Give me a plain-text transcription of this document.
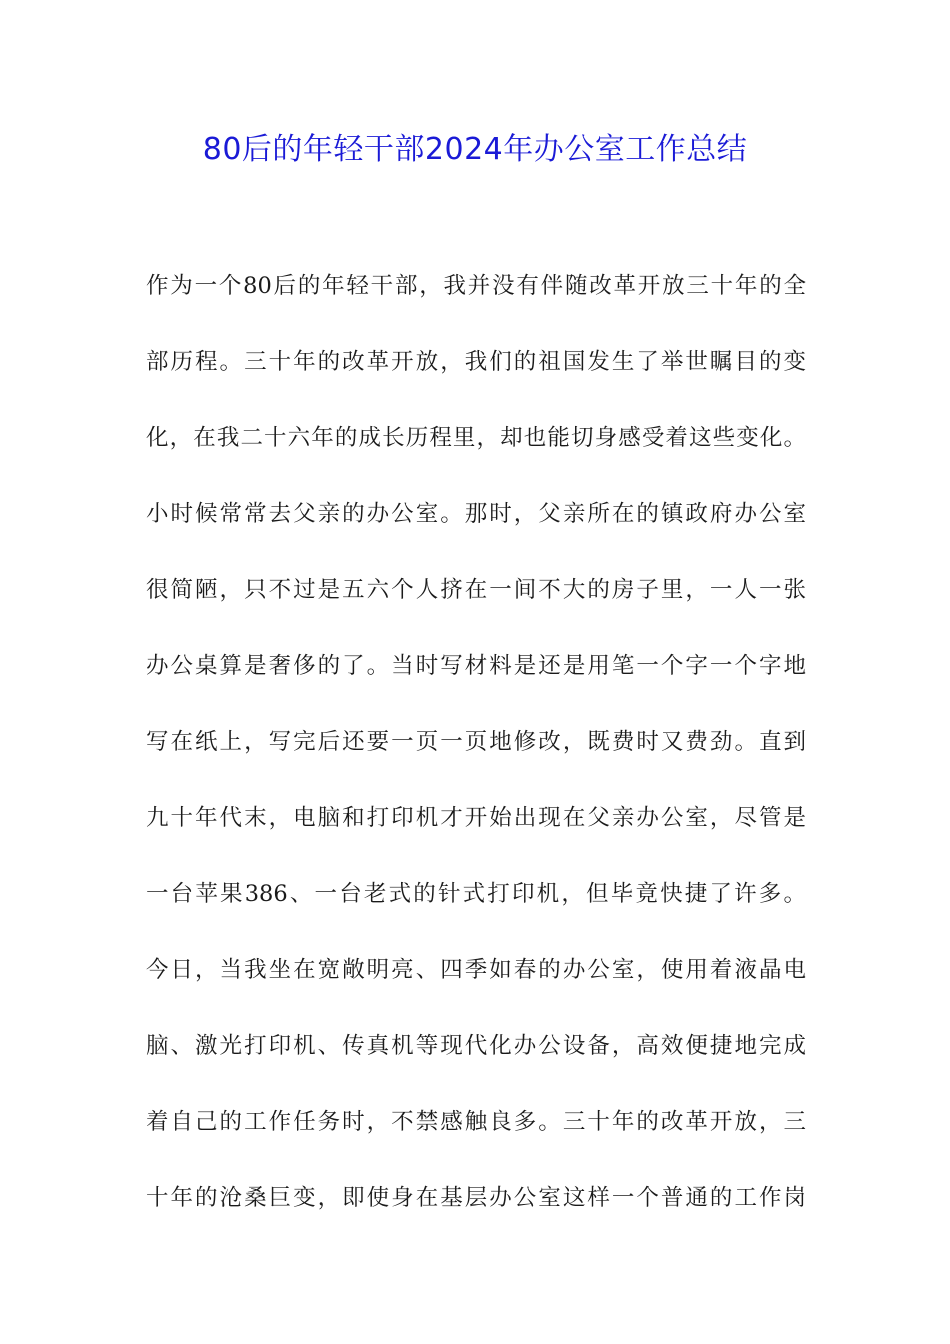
80后的年轻干部2024年办公室工作总结
作为一个80后的年轻干部，我并没有伴随改革开放三十年的全
部历程。三十年的改革开放，我们的祖国发生了举世瞩目的变
化，在我二十六年的成长历程里，却也能切身感受着这些变化。
小时候常常去父亲的办公室。那时，父亲所在的镇政府办公室
很简陋，只不过是五六个人挤在一间不大的房子里，一人一张
办公桌算是奢侈的了。当时写材料是还是用笔一个字一个字地
写在纸上，写完后还要一页一页地修改，既费时又费劲。直到
九十年代末，电脑和打印机才开始出现在父亲办公室，尽管是
一台苹果386、一台老式的针式打印机，但毕竟快捷了许多。
今日，当我坐在宽敞明亮、四季如春的办公室，使用着液晶电
脑、激光打印机、传真机等现代化办公设备，高效便捷地完成
着自己的工作任务时，不禁感触良多。三十年的改革开放，三
十年的沧桑巨变，即使身在基层办公室这样一个普通的工作岗
